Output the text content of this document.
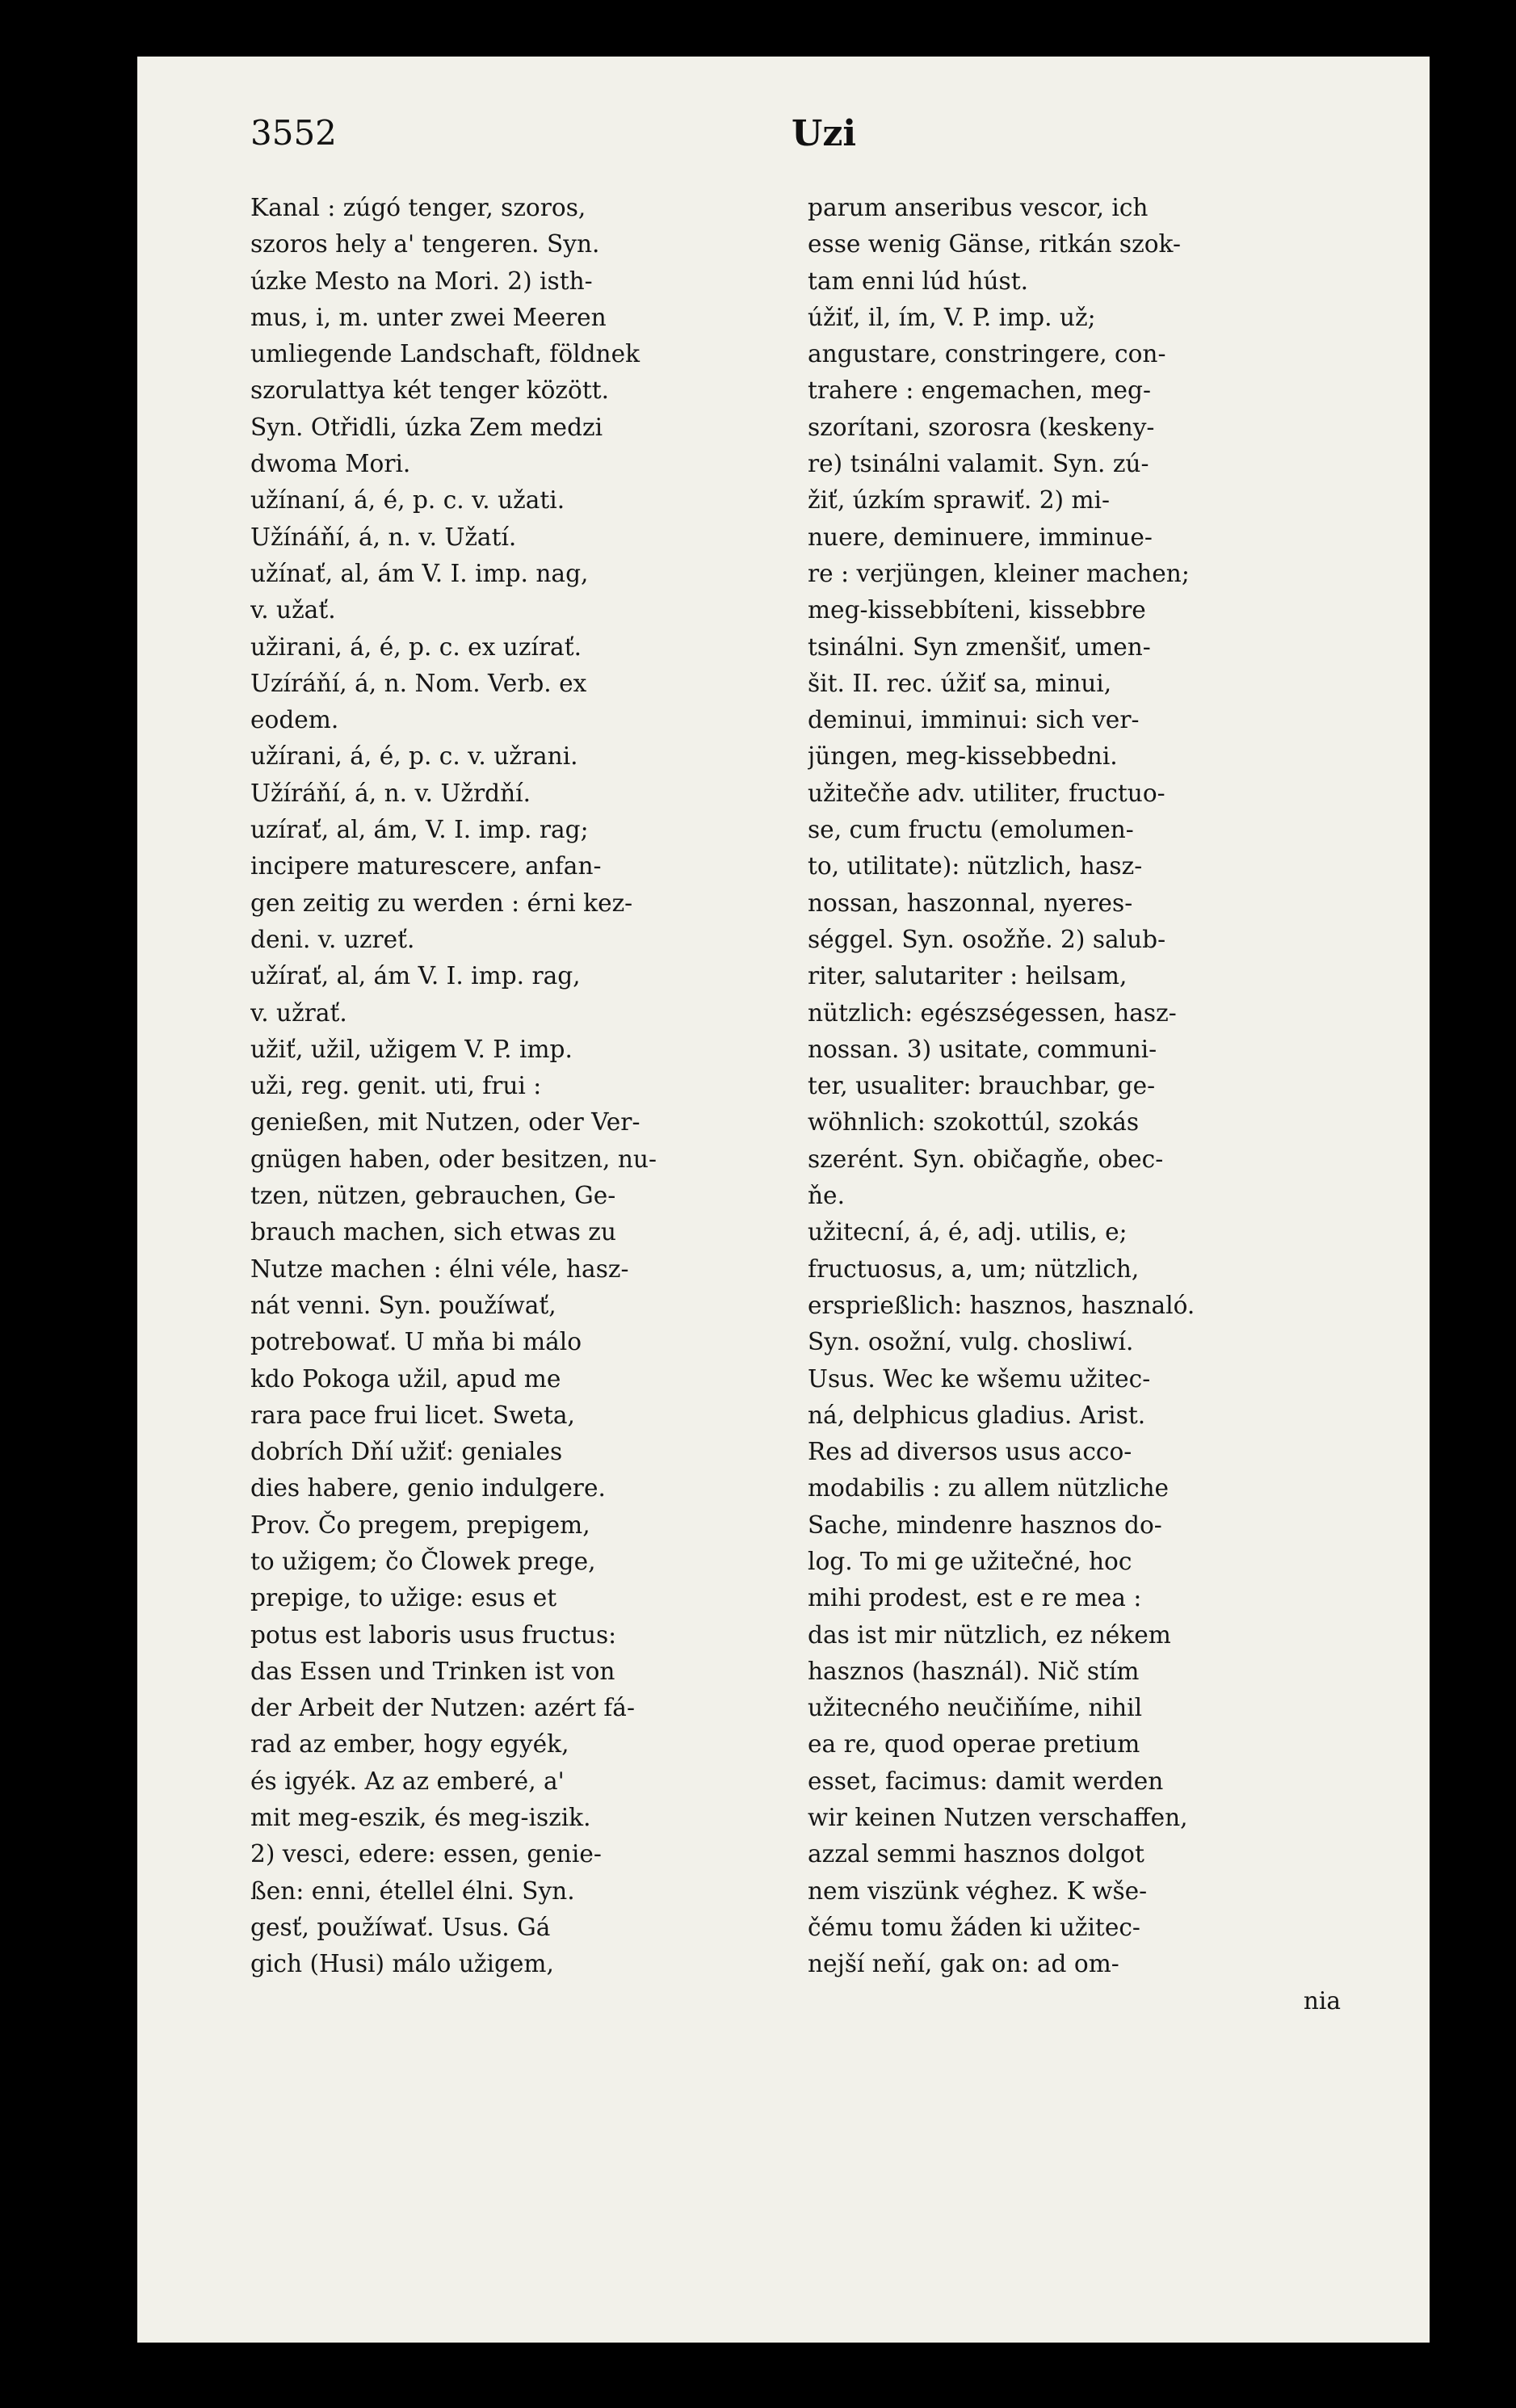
3552	Uzi
Kanal : zúgó tenger, szoros,
szoros hely a' tengeren. Syn.
úzke Mesto na Mori. 2) isth-
mus, i, m. unter zwei Meeren
umliegende Landschaft, földnek
szorulattya két tenger között.
Syn. Otřidli, úzka Zem medzi
dwoma Mori.
užínaní, á, é, p. c. v. užati.
Užínáňí, á, n. v. Užatí.
užínať, al, ám V. I. imp. nag,
v. užať.
užirani, á, é, p. c. ex uzírať.
Uzíráňí, á, n. Nom. Verb. ex
eodem.
užírani, á, é, p. c. v. užrani.
Užíráňí, á, n. v. Užrdňí.
uzírať, al, ám, V. I. imp. rag;
incipere maturescere, anfan-
gen zeitig zu werden : érni kez-
deni. v. uzreť.
užírať, al, ám V. I. imp. rag,
v. užrať.
užiť, užil, užigem V. P. imp.
uži, reg. genit. uti, frui :
genießen, mit Nutzen, oder Ver-
gnügen haben, oder besitzen, nu-
tzen, nützen, gebrauchen, Ge-
brauch machen, sich etwas zu
Nutze machen : élni véle, hasz-
nát venni. Syn. použíwať,
potrebowať. U mňa bi málo
kdo Pokoga užil, apud me
rara pace frui licet. Sweta,
dobrích Dňí užiť: geniales
dies habere, genio indulgere.
Prov. Čo pregem, prepigem,
to užigem; čo Člowek prege,
prepige, to užige: esus et
potus est laboris usus fructus:
das Essen und Trinken ist von
der Arbeit der Nutzen: azért fá-
rad az ember, hogy egyék,
és igyék. Az az emberé, a'
mit meg-eszik, és meg-iszik.
2) vesci, edere: essen, genie-
ßen: enni, étellel élni. Syn.
gesť, použíwať. Usus. Gá
gich (Husi) málo užigem,
parum anseribus vescor, ich
esse wenig Gänse, ritkán szok-
tam enni lúd húst.
úžiť, il, ím, V. P. imp. už;
angustare, constringere, con-
trahere : engemachen, meg-
szorítani, szorosra (keskeny-
re) tsinálni valamit. Syn. zú-
žiť, úzkím sprawiť. 2) mi-
nuere, deminuere, imminue-
re : verjüngen, kleiner machen;
meg-kissebbíteni, kissebbre
tsinálni. Syn zmenšiť, umen-
šit. II. rec. úžiť sa, minui,
deminui, imminui: sich ver-
jüngen, meg-kissebbedni.
užitečňe adv. utiliter, fructuo-
se, cum fructu (emolumen-
to, utilitate): nützlich, hasz-
nossan, haszonnal, nyeres-
séggel. Syn. osožňe. 2) salub-
riter, salutariter : heilsam,
nützlich: egészségessen, hasz-
nossan. 3) usitate, communi-
ter, usualiter: brauchbar, ge-
wöhnlich: szokottúl, szokás
szerént. Syn. običagňe, obec-
ňe.
užitecní, á, é, adj. utilis, e;
fructuosus, a, um; nützlich,
ersprießlich: hasznos, hasznaló.
Syn. osožní, vulg. chosliwí.
Usus. Wec ke wšemu užitec-
ná, delphicus gladius. Arist.
Res ad diversos usus acco-
modabilis : zu allem nützliche
Sache, mindenre hasznos do-
log. To mi ge užitečné, hoc
mihi prodest, est e re mea :
das ist mir nützlich, ez nékem
hasznos (használ). Nič stím
užitecného neučiňíme, nihil
ea re, quod operae pretium
esset, facimus: damit werden
wir keinen Nutzen verschaffen,
azzal semmi hasznos dolgot
nem viszünk véghez. K wše-
čému tomu žáden ki užitec-
nejší neňí, gak on: ad om-
nia
